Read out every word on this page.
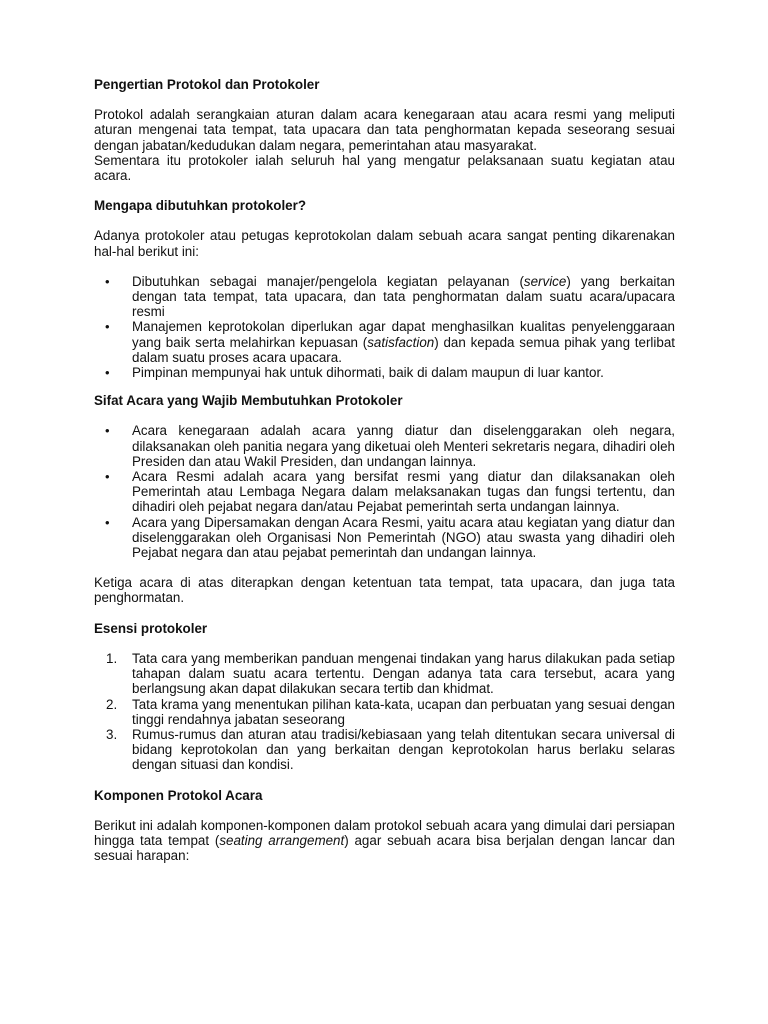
Pengertian Protokol dan Protokoler

Protokol adalah serangkaian aturan dalam acara kenegaraan atau acara resmi yang meliputi aturan mengenai tata tempat, tata upacara dan tata penghormatan kepada seseorang sesuai dengan jabatan/kedudukan dalam negara, pemerintahan atau masyarakat.

Sementara itu protokoler ialah seluruh hal yang mengatur pelaksanaan suatu kegiatan atau acara.

Mengapa dibutuhkan protokoler?

Adanya protokoler atau petugas keprotokolan dalam sebuah acara sangat penting dikarenakan hal-hal berikut ini:

• Dibutuhkan sebagai manajer/pengelola kegiatan pelayanan (service) yang berkaitan dengan tata tempat, tata upacara, dan tata penghormatan dalam suatu acara/upacara resmi
• Manajemen keprotokolan diperlukan agar dapat menghasilkan kualitas penyelenggaraan yang baik serta melahirkan kepuasan (satisfaction) dan kepada semua pihak yang terlibat dalam suatu proses acara upacara.
• Pimpinan mempunyai hak untuk dihormati, baik di dalam maupun di luar kantor.
Sifat Acara yang Wajib Membutuhkan Protokoler
• Acara kenegaraan adalah acara yanng diatur dan diselenggarakan oleh negara, dilaksanakan oleh panitia negara yang diketuai oleh Menteri sekretaris negara, dihadiri oleh Presiden dan atau Wakil Presiden, dan undangan lainnya.
• Acara Resmi adalah acara yang bersifat resmi yang diatur dan dilaksanakan oleh Pemerintah atau Lembaga Negara dalam melaksanakan tugas dan fungsi tertentu, dan dihadiri oleh pejabat negara dan/atau Pejabat pemerintah serta undangan lainnya.
• Acara yang Dipersamakan dengan Acara Resmi, yaitu acara atau kegiatan yang diatur dan diselenggarakan oleh Organisasi Non Pemerintah (NGO) atau swasta yang dihadiri oleh Pejabat negara dan atau pejabat pemerintah dan undangan lainnya.

Ketiga acara di atas diterapkan dengan ketentuan tata tempat, tata upacara, dan juga tata penghormatan.

Esensi protokoler
1. Tata cara yang memberikan panduan mengenai tindakan yang harus dilakukan pada setiap tahapan dalam suatu acara tertentu. Dengan adanya tata cara tersebut, acara yang berlangsung akan dapat dilakukan secara tertib dan khidmat.
2. Tata krama yang menentukan pilihan kata-kata, ucapan dan perbuatan yang sesuai dengan tinggi rendahnya jabatan seseorang
3. Rumus-rumus dan aturan atau tradisi/kebiasaan yang telah ditentukan secara universal di bidang keprotokolan dan yang berkaitan dengan keprotokolan harus berlaku selaras dengan situasi dan kondisi.
Komponen Protokol Acara

Berikut ini adalah komponen-komponen dalam protokol sebuah acara yang dimulai dari persiapan hingga tata tempat (seating arrangement) agar sebuah acara bisa berjalan dengan lancar dan sesuai harapan:
